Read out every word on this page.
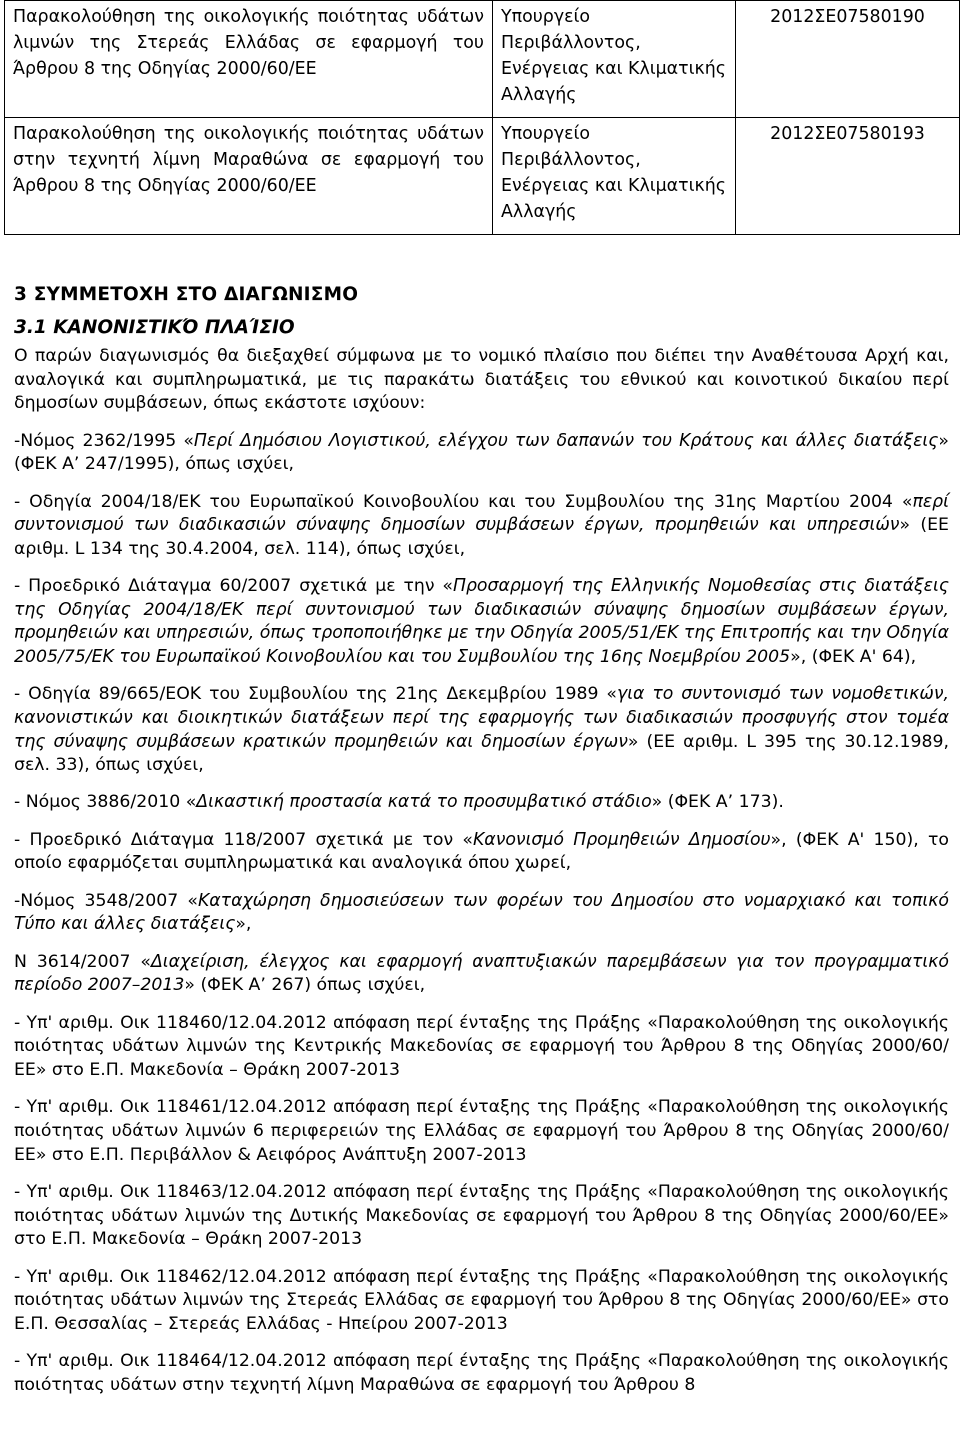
Παρακολούθηση της οικολογικής ποιότητας υδάτων λιμνών της Στερεάς Ελλάδας σε εφαρμογή του Άρθρου 8 της Οδηγίας 2000/60/ΕΕ	Υπουργείο Περιβάλλοντος, Ενέργειας και Κλιματικής Αλλαγής	2012ΣΕ07580190
Παρακολούθηση της οικολογικής ποιότητας υδάτων στην τεχνητή λίμνη Μαραθώνα σε εφαρμογή του Άρθρου 8 της Οδηγίας 2000/60/ΕΕ	Υπουργείο Περιβάλλοντος, Ενέργειας και Κλιματικής Αλλαγής	2012ΣΕ07580193
3 ΣΥΜΜΕΤΟΧΗ ΣΤΟ ΔΙΑΓΩΝΙΣΜΟ
3.1 ΚΑΝΟΝΙΣΤΙΚΌ ΠΛΑΊΣΙΟ

Ο παρών διαγωνισμός θα διεξαχθεί σύμφωνα με το νομικό πλαίσιο που διέπει την Αναθέτουσα Αρχή και, αναλογικά και συμπληρωματικά, με τις παρακάτω διατάξεις του εθνικού και κοινοτικού δικαίου περί δημοσίων συμβάσεων, όπως εκάστοτε ισχύουν:

-Νόμος 2362/1995 «Περί Δημόσιου Λογιστικού, ελέγχου των δαπανών του Κράτους και άλλες διατάξεις» (ΦΕΚ Α’ 247/1995), όπως ισχύει,

- Οδηγία 2004/18/ΕΚ του Ευρωπαϊκού Κοινοβουλίου και του Συμβουλίου της 31ης Μαρτίου 2004 «περί συντονισμού των διαδικασιών σύναψης δημοσίων συμβάσεων έργων, προμηθειών και υπηρεσιών» (ΕΕ αριθμ. L 134 της 30.4.2004, σελ. 114), όπως ισχύει,

- Προεδρικό Διάταγμα 60/2007 σχετικά με την «Προσαρμογή της Ελληνικής Νομοθεσίας στις διατάξεις της Οδηγίας 2004/18/ΕΚ περί συντονισμού των διαδικασιών σύναψης δημοσίων συμβάσεων έργων, προμηθειών και υπηρεσιών, όπως τροποποιήθηκε με την Οδηγία 2005/51/ΕΚ της Επιτροπής και την Οδηγία 2005/75/ΕΚ του Ευρωπαϊκού Κοινοβουλίου και του Συμβουλίου της 16ης Νοεμβρίου 2005», (ΦΕΚ Α' 64),

- Οδηγία 89/665/ΕΟΚ του Συμβουλίου της 21ης Δεκεμβρίου 1989 «για το συντονισμό των νομοθετικών, κανονιστικών και διοικητικών διατάξεων περί της εφαρμογής των διαδικασιών προσφυγής στον τομέα της σύναψης συμβάσεων κρατικών προμηθειών και δημοσίων έργων» (ΕΕ αριθμ. L 395 της 30.12.1989, σελ. 33), όπως ισχύει,

- Νόμος 3886/2010 «Δικαστική προστασία κατά το προσυμβατικό στάδιο» (ΦΕΚ Α’ 173).

- Προεδρικό Διάταγμα 118/2007 σχετικά με τον «Κανονισμό Προμηθειών Δημοσίου», (ΦΕΚ Α' 150), το οποίο εφαρμόζεται συμπληρωματικά και αναλογικά όπου χωρεί,

-Νόμος 3548/2007 «Καταχώρηση δημοσιεύσεων των φορέων του Δημοσίου στο νομαρχιακό και τοπικό Τύπο και άλλες διατάξεις»,

Ν 3614/2007 «Διαχείριση, έλεγχος και εφαρμογή αναπτυξιακών παρεμβάσεων για τον προγραμματικό περίοδο 2007–2013» (ΦΕΚ Α’ 267) όπως ισχύει,

- Υπ' αριθμ. Οικ 118460/12.04.2012 απόφαση περί ένταξης της Πράξης «Παρακολούθηση της οικολογικής ποιότητας υδάτων λιμνών της Κεντρικής Μακεδονίας σε εφαρμογή του Άρθρου 8 της Οδηγίας 2000/60/ΕΕ» στο Ε.Π. Μακεδονία – Θράκη 2007-2013

- Υπ' αριθμ. Οικ 118461/12.04.2012 απόφαση περί ένταξης της Πράξης «Παρακολούθηση της οικολογικής ποιότητας υδάτων λιμνών 6 περιφερειών της Ελλάδας σε εφαρμογή του Άρθρου 8 της Οδηγίας 2000/60/ΕΕ» στο Ε.Π. Περιβάλλον & Αειφόρος Ανάπτυξη 2007-2013

- Υπ' αριθμ. Οικ 118463/12.04.2012 απόφαση περί ένταξης της Πράξης «Παρακολούθηση της οικολογικής ποιότητας υδάτων λιμνών της Δυτικής Μακεδονίας σε εφαρμογή του Άρθρου 8 της Οδηγίας 2000/60/ΕΕ» στο Ε.Π. Μακεδονία – Θράκη 2007-2013

- Υπ' αριθμ. Οικ 118462/12.04.2012 απόφαση περί ένταξης της Πράξης «Παρακολούθηση της οικολογικής ποιότητας υδάτων λιμνών της Στερεάς Ελλάδας σε εφαρμογή του Άρθρου 8 της Οδηγίας 2000/60/ΕΕ» στο Ε.Π. Θεσσαλίας – Στερεάς Ελλάδας - Ηπείρου 2007-2013

- Υπ' αριθμ. Οικ 118464/12.04.2012 απόφαση περί ένταξης της Πράξης «Παρακολούθηση της οικολογικής ποιότητας υδάτων στην τεχνητή λίμνη Μαραθώνα σε εφαρμογή του Άρθρου 8
